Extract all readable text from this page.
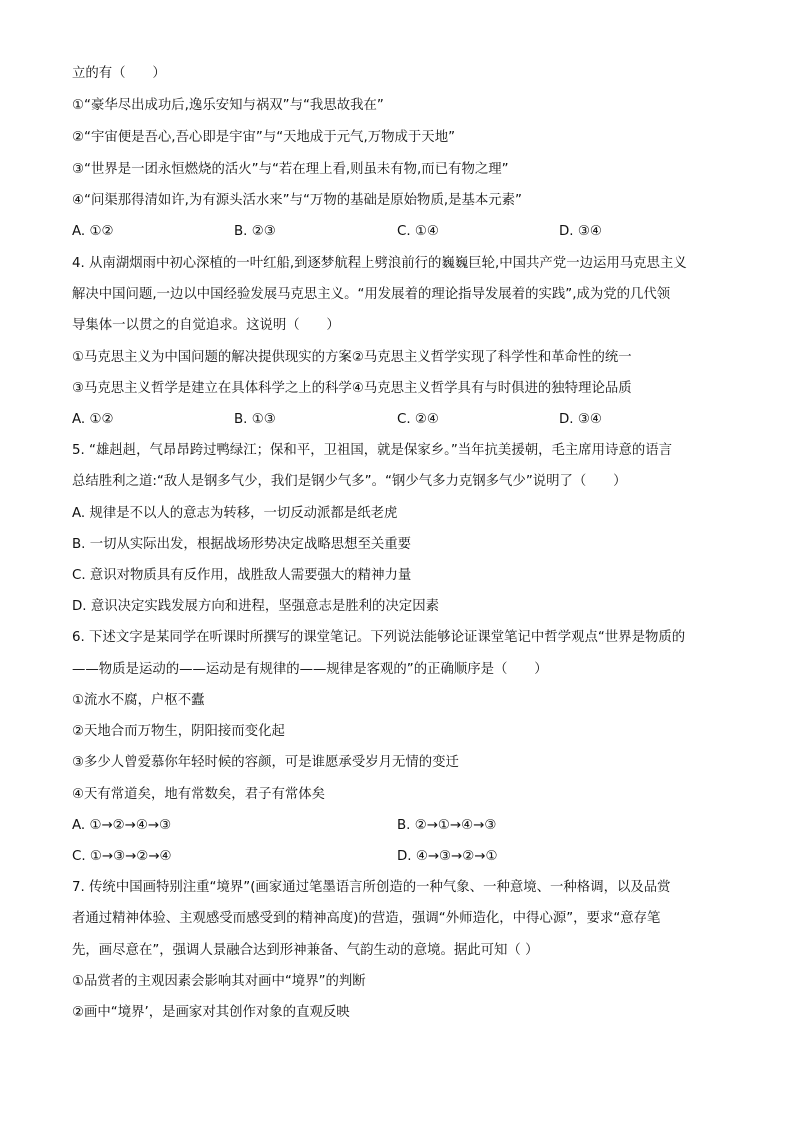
立的有（　　）
①“豪华尽出成功后,逸乐安知与祸双”与“我思故我在”
②“宇宙便是吾心,吾心即是宇宙”与“天地成于元气,万物成于天地”
③“世界是一团永恒燃烧的活火”与“若在理上看,则虽未有物,而已有物之理”
④“问渠那得清如许,为有源头活水来”与“万物的基础是原始物质,是基本元素”
A. ①②	B. ②③	C. ①④	D. ③④
4. 从南湖烟雨中初心深植的一叶红船,到逐梦航程上劈浪前行的巍巍巨轮,中国共产党一边运用马克思主义
解决中国问题,一边以中国经验发展马克思主义。“用发展着的理论指导发展着的实践”,成为党的几代领
导集体一以贯之的自觉追求。这说明（　　）
①马克思主义为中国问题的解决提供现实的方案②马克思主义哲学实现了科学性和革命性的统一
③马克思主义哲学是建立在具体科学之上的科学④马克思主义哲学具有与时俱进的独特理论品质
A. ①②	B. ①③	C. ②④	D. ③④
5. “雄赳赳，气昂昂跨过鸭绿江；保和平，卫祖国，就是保家乡。”当年抗美援朝，毛主席用诗意的语言
总结胜利之道:“敌人是钢多气少，我们是钢少气多”。“钢少气多力克钢多气少”说明了（　　）
A. 规律是不以人的意志为转移，一切反动派都是纸老虎
B. 一切从实际出发，根据战场形势决定战略思想至关重要
C. 意识对物质具有反作用，战胜敌人需要强大的精神力量
D. 意识决定实践发展方向和进程，坚强意志是胜利的决定因素
6. 下述文字是某同学在听课时所撰写的课堂笔记。下列说法能够论证课堂笔记中哲学观点“世界是物质的
——物质是运动的——运动是有规律的——规律是客观的”的正确顺序是（　　）
①流水不腐，户枢不蠹
②天地合而万物生，阴阳接而变化起
③多少人曾爱慕你年轻时候的容颜，可是谁愿承受岁月无情的变迁
④天有常道矣，地有常数矣，君子有常体矣
A. ①→②→④→③	B. ②→①→④→③
C. ①→③→②→④	D. ④→③→②→①
7. 传统中国画特别注重“境界”(画家通过笔墨语言所创造的一种气象、一种意境、一种格调，以及品赏
者通过精神体验、主观感受而感受到的精神高度)的营造，强调“外师造化，中得心源”，要求“意存笔
先，画尽意在”，强调人景融合达到形神兼备、气韵生动的意境。据此可知（ ）
①品赏者的主观因素会影响其对画中“境界”的判断
②画中“境界’，是画家对其创作对象的直观反映
